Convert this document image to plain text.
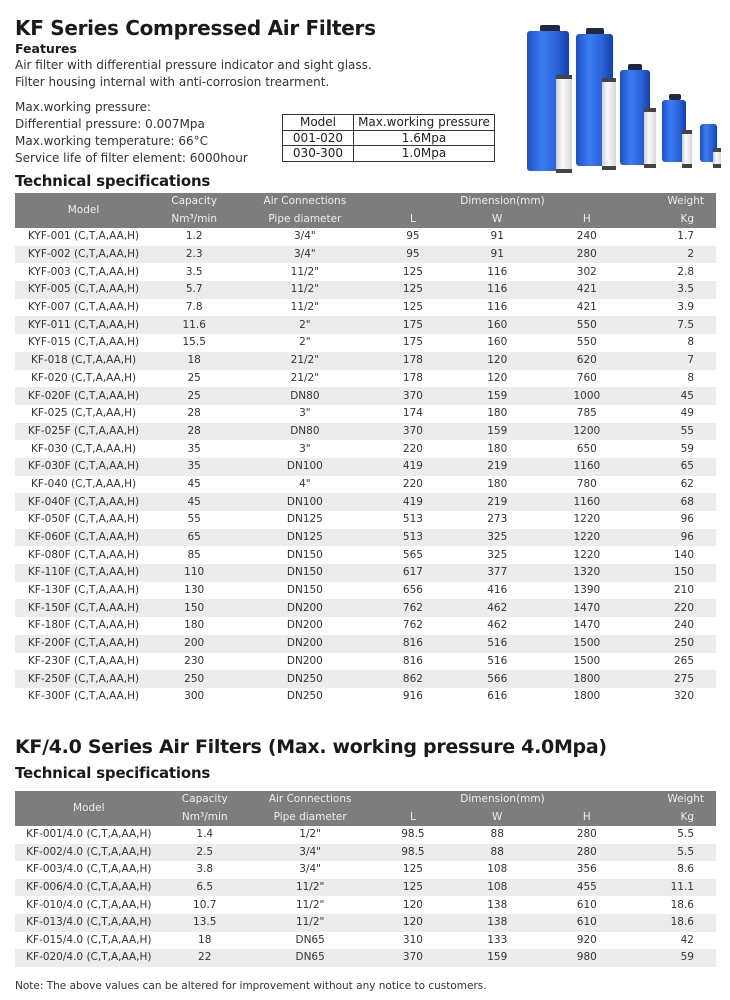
KF Series Compressed Air Filters
Features
Air filter with differential pressure indicator and sight glass.
Filter housing internal with anti-corrosion trearment.
Max.working pressure:
Differential pressure: 0.007Mpa
Max.working temperature: 66°C
Service life of filter element: 6000hour
Model	Max.working pressure
001-020	1.6Mpa
030-300	1.0Mpa
Technical specifications
Model	Capacity	Air Connections	Dimension(mm)			Weight
	Nm³/min	Pipe diameter	L	W	H	Kg
KYF-001 (C,T,A,AA,H)	1.2	3/4"	95	91	240	1.7
KYF-002 (C,T,A,AA,H)	2.3	3/4"	95	91	280	2
KYF-003 (C,T,A,AA,H)	3.5	11/2"	125	116	302	2.8
KYF-005 (C,T,A,AA,H)	5.7	11/2"	125	116	421	3.5
KYF-007 (C,T,A,AA,H)	7.8	11/2"	125	116	421	3.9
KYF-011 (C,T,A,AA,H)	11.6	2"	175	160	550	7.5
KYF-015 (C,T,A,AA,H)	15.5	2"	175	160	550	8
KF-018 (C,T,A,AA,H)	18	21/2"	178	120	620	7
KF-020 (C,T,A,AA,H)	25	21/2"	178	120	760	8
KF-020F (C,T,A,AA,H)	25	DN80	370	159	1000	45
KF-025 (C,T,A,AA,H)	28	3"	174	180	785	49
KF-025F (C,T,A,AA,H)	28	DN80	370	159	1200	55
KF-030 (C,T,A,AA,H)	35	3"	220	180	650	59
KF-030F (C,T,A,AA,H)	35	DN100	419	219	1160	65
KF-040 (C,T,A,AA,H)	45	4"	220	180	780	62
KF-040F (C,T,A,AA,H)	45	DN100	419	219	1160	68
KF-050F (C,T,A,AA,H)	55	DN125	513	273	1220	96
KF-060F (C,T,A,AA,H)	65	DN125	513	325	1220	96
KF-080F (C,T,A,AA,H)	85	DN150	565	325	1220	140
KF-110F (C,T,A,AA,H)	110	DN150	617	377	1320	150
KF-130F (C,T,A,AA,H)	130	DN150	656	416	1390	210
KF-150F (C,T,A,AA,H)	150	DN200	762	462	1470	220
KF-180F (C,T,A,AA,H)	180	DN200	762	462	1470	240
KF-200F (C,T,A,AA,H)	200	DN200	816	516	1500	250
KF-230F (C,T,A,AA,H)	230	DN200	816	516	1500	265
KF-250F (C,T,A,AA,H)	250	DN250	862	566	1800	275
KF-300F (C,T,A,AA,H)	300	DN250	916	616	1800	320
KF/4.0 Series Air Filters (Max. working pressure 4.0Mpa)
Technical specifications
Model	Capacity	Air Connections	Dimension(mm)			Weight
	Nm³/min	Pipe diameter	L	W	H	Kg
KF-001/4.0 (C,T,A,AA,H)	1.4	1/2"	98.5	88	280	5.5
KF-002/4.0 (C,T,A,AA,H)	2.5	3/4"	98.5	88	280	5.5
KF-003/4.0 (C,T,A,AA,H)	3.8	3/4"	125	108	356	8.6
KF-006/4.0 (C,T,A,AA,H)	6.5	11/2"	125	108	455	11.1
KF-010/4.0 (C,T,A,AA,H)	10.7	11/2"	120	138	610	18.6
KF-013/4.0 (C,T,A,AA,H)	13.5	11/2"	120	138	610	18.6
KF-015/4.0 (C,T,A,AA,H)	18	DN65	310	133	920	42
KF-020/4.0 (C,T,A,AA,H)	22	DN65	370	159	980	59
Note: The above values can be altered for improvement without any notice to customers.
